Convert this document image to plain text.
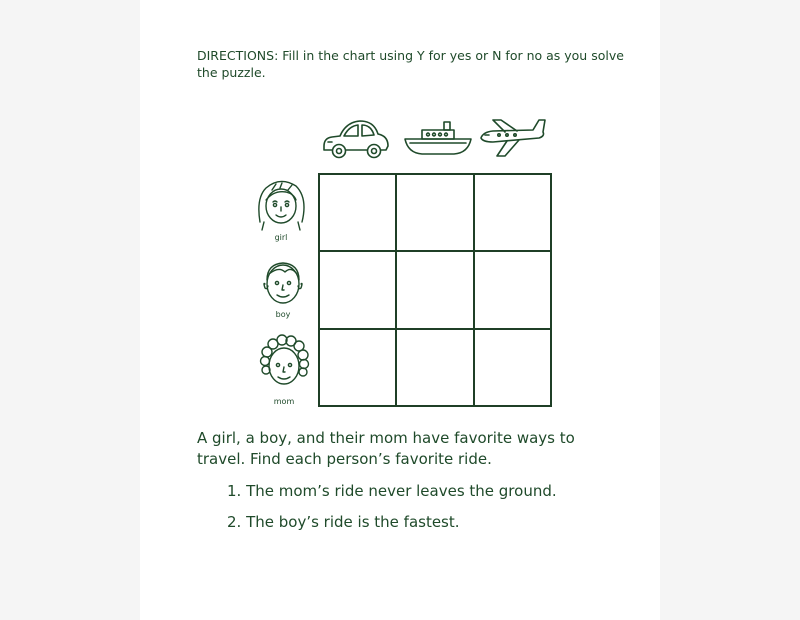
DIRECTIONS: Fill in the chart using Y for yes or N for no as you solve the puzzle.
girl
boy
mom
A girl, a boy, and their mom have favorite ways to travel. Find each person’s favorite ride.
1. The mom’s ride never leaves the ground.
2. The boy’s ride is the fastest.
